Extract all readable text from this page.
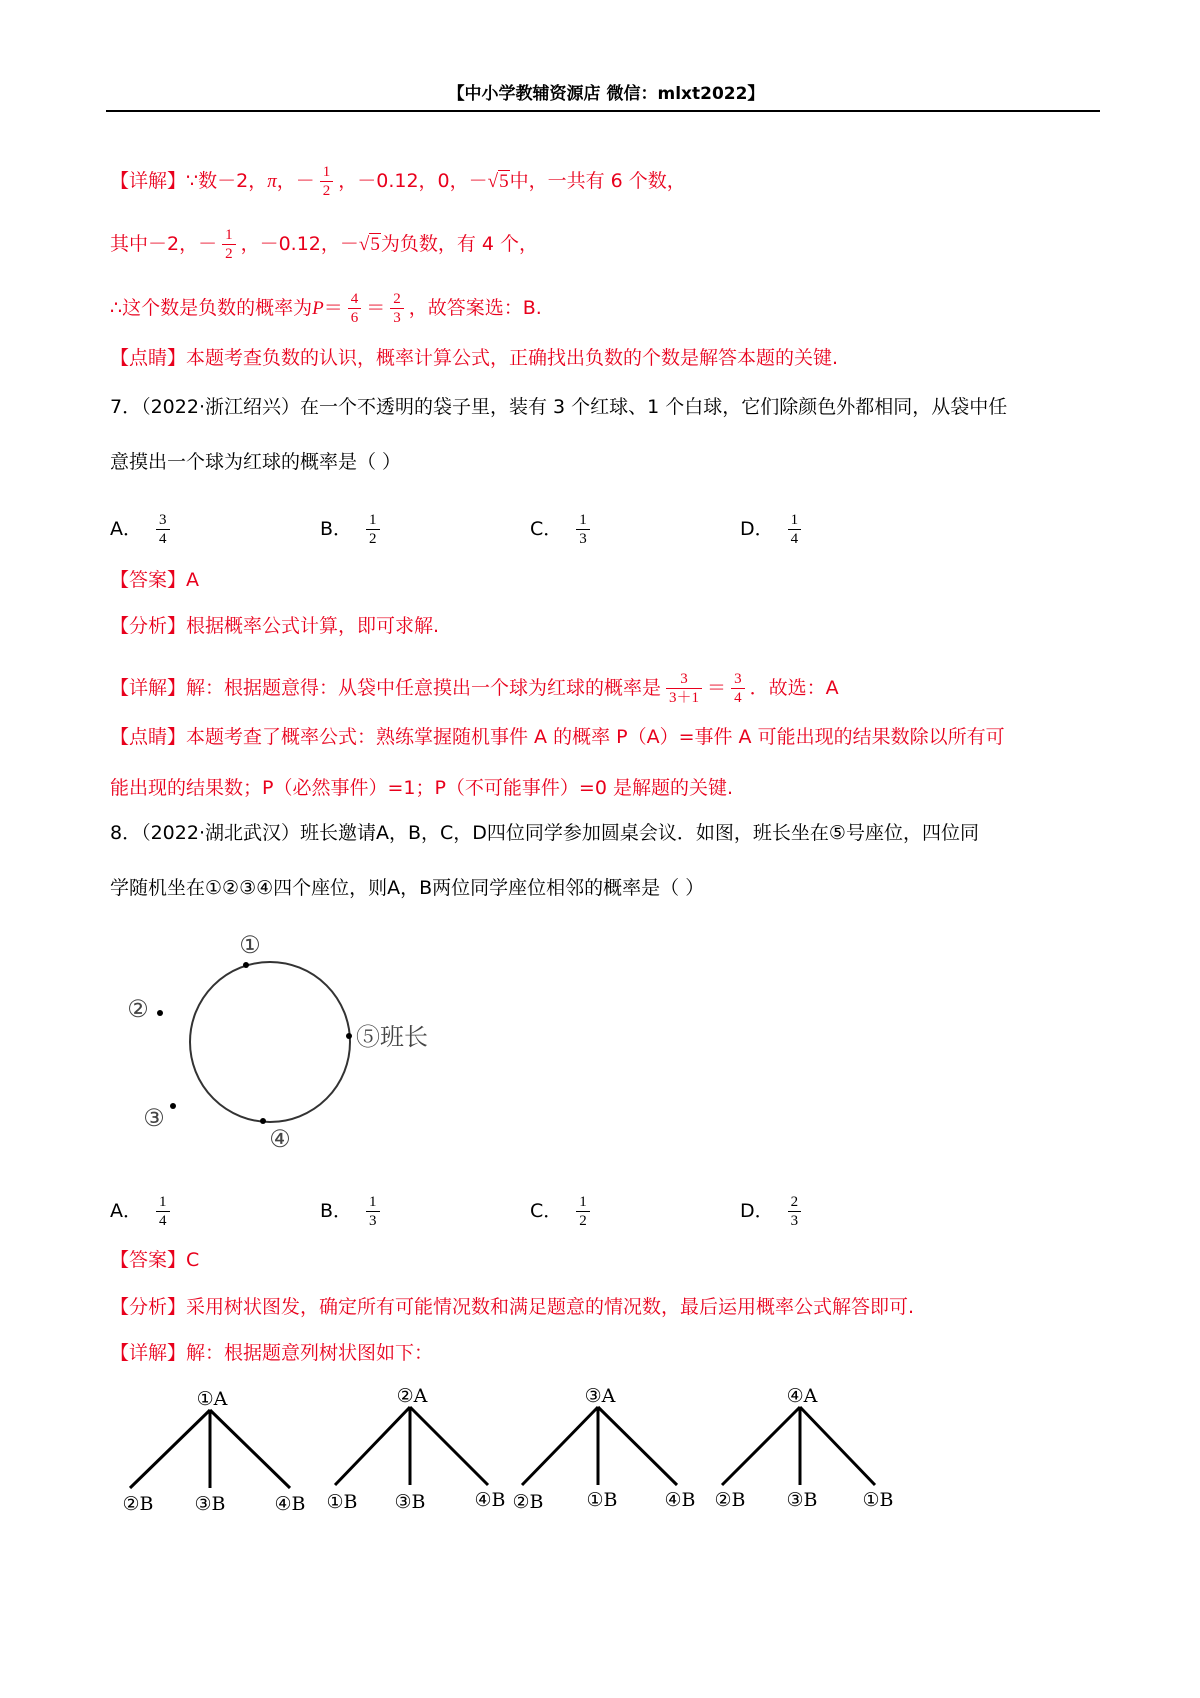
【中小学教辅资源店 微信：mlxt2022】
【详解】∵数－2，π，－ $\frac{1}{2}$ ，－0.12，0，－√5中，一共有 6 个数，
其中－2，－ $\frac{1}{2}$ ，－0.12，－√5为负数，有 4 个，
∴这个数是负数的概率为$P= \frac{4}{6} = \frac{2}{3}$ ，故答案选：B.
【点睛】本题考查负数的认识，概率计算公式，正确找出负数的个数是解答本题的关键.
7．（2022·浙江绍兴）在一个不透明的袋子里，装有 3 个红球、1 个白球，它们除颜色外都相同，从袋中任
意摸出一个球为红球的概率是（ ）
A． $\frac{3}{4}$	B． $\frac{1}{2}$	C． $\frac{1}{3}$	D． $\frac{1}{4}$
【答案】A
【分析】根据概率公式计算，即可求解.
【详解】解：根据题意得：从袋中任意摸出一个球为红球的概率是 $\frac{3}{3+1} = \frac{3}{4}$ ．故选：A
【点睛】本题考查了概率公式：熟练掌握随机事件 A 的概率 P（A）=事件 A 可能出现的结果数除以所有可
能出现的结果数；P（必然事件）=1；P（不可能事件）=0 是解题的关键.
8．（2022·湖北武汉）班长邀请A，B，C，D四位同学参加圆桌会议．如图，班长坐在⑤号座位，四位同
学随机坐在①②③④四个座位，则A，B两位同学座位相邻的概率是（ ）
①
②
③
④
⑤班长
A． $\frac{1}{4}$	B． $\frac{1}{3}$	C． $\frac{1}{2}$	D． $\frac{2}{3}$
【答案】C
【分析】采用树状图发，确定所有可能情况数和满足题意的情况数，最后运用概率公式解答即可.
【详解】解：根据题意列树状图如下：
①A
②B ③B	④B
②A
①B ③B	④B
③A
②B ①B ④B
④A
②B ③B ①B
